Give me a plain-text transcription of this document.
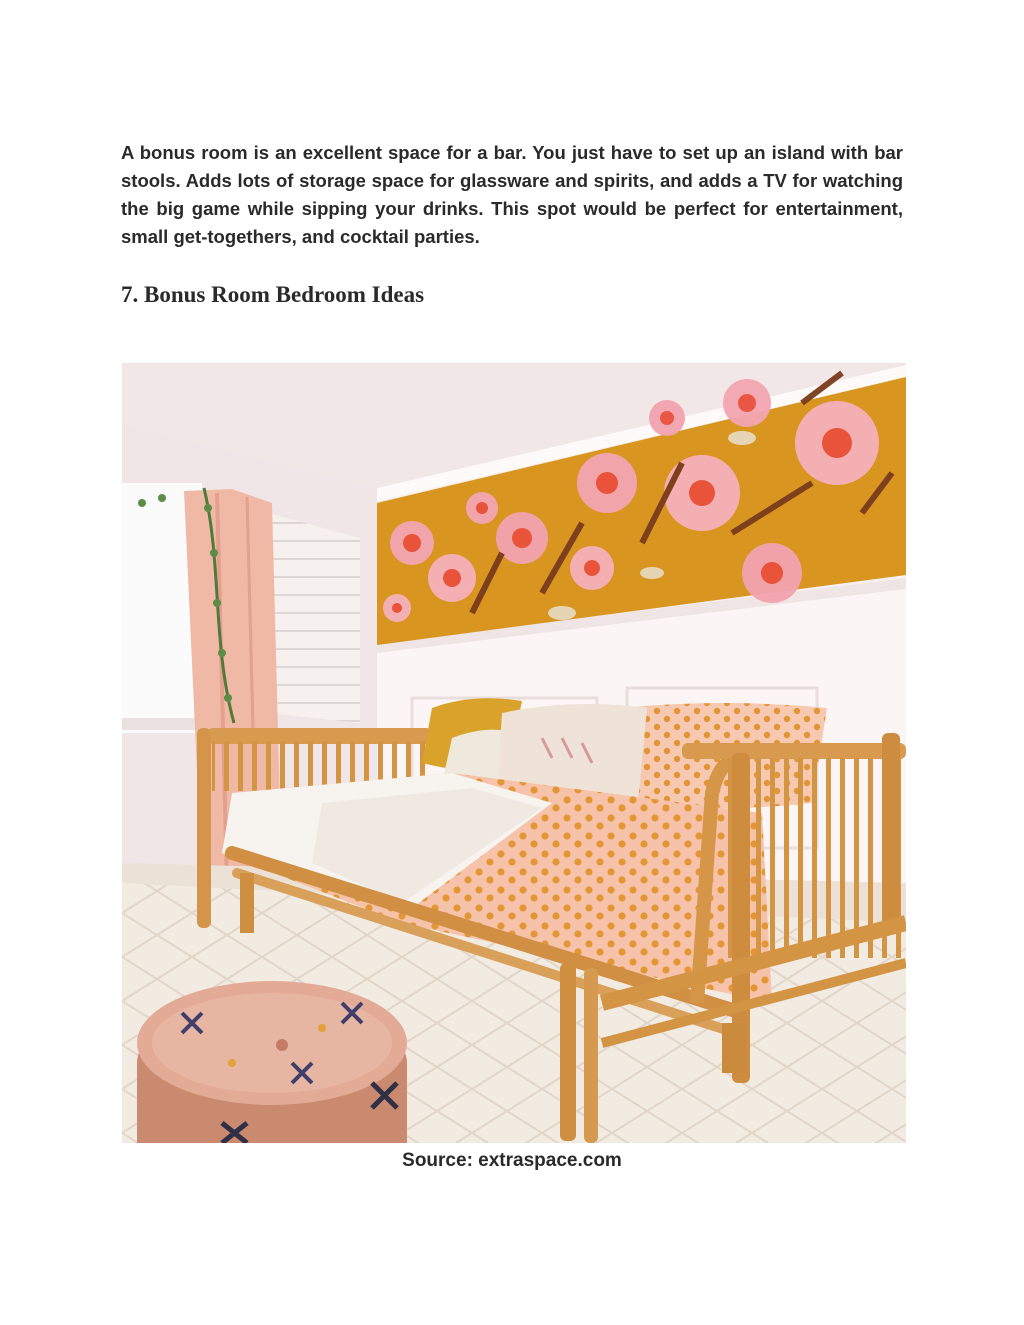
A bonus room is an excellent space for a bar. You just have to set up an island with bar stools. Adds lots of storage space for glassware and spirits, and adds a TV for watching the big game while sipping your drinks. This spot would be perfect for entertainment, small get-togethers, and cocktail parties.

7. Bonus Room Bedroom Ideas

Source: extraspace.com
